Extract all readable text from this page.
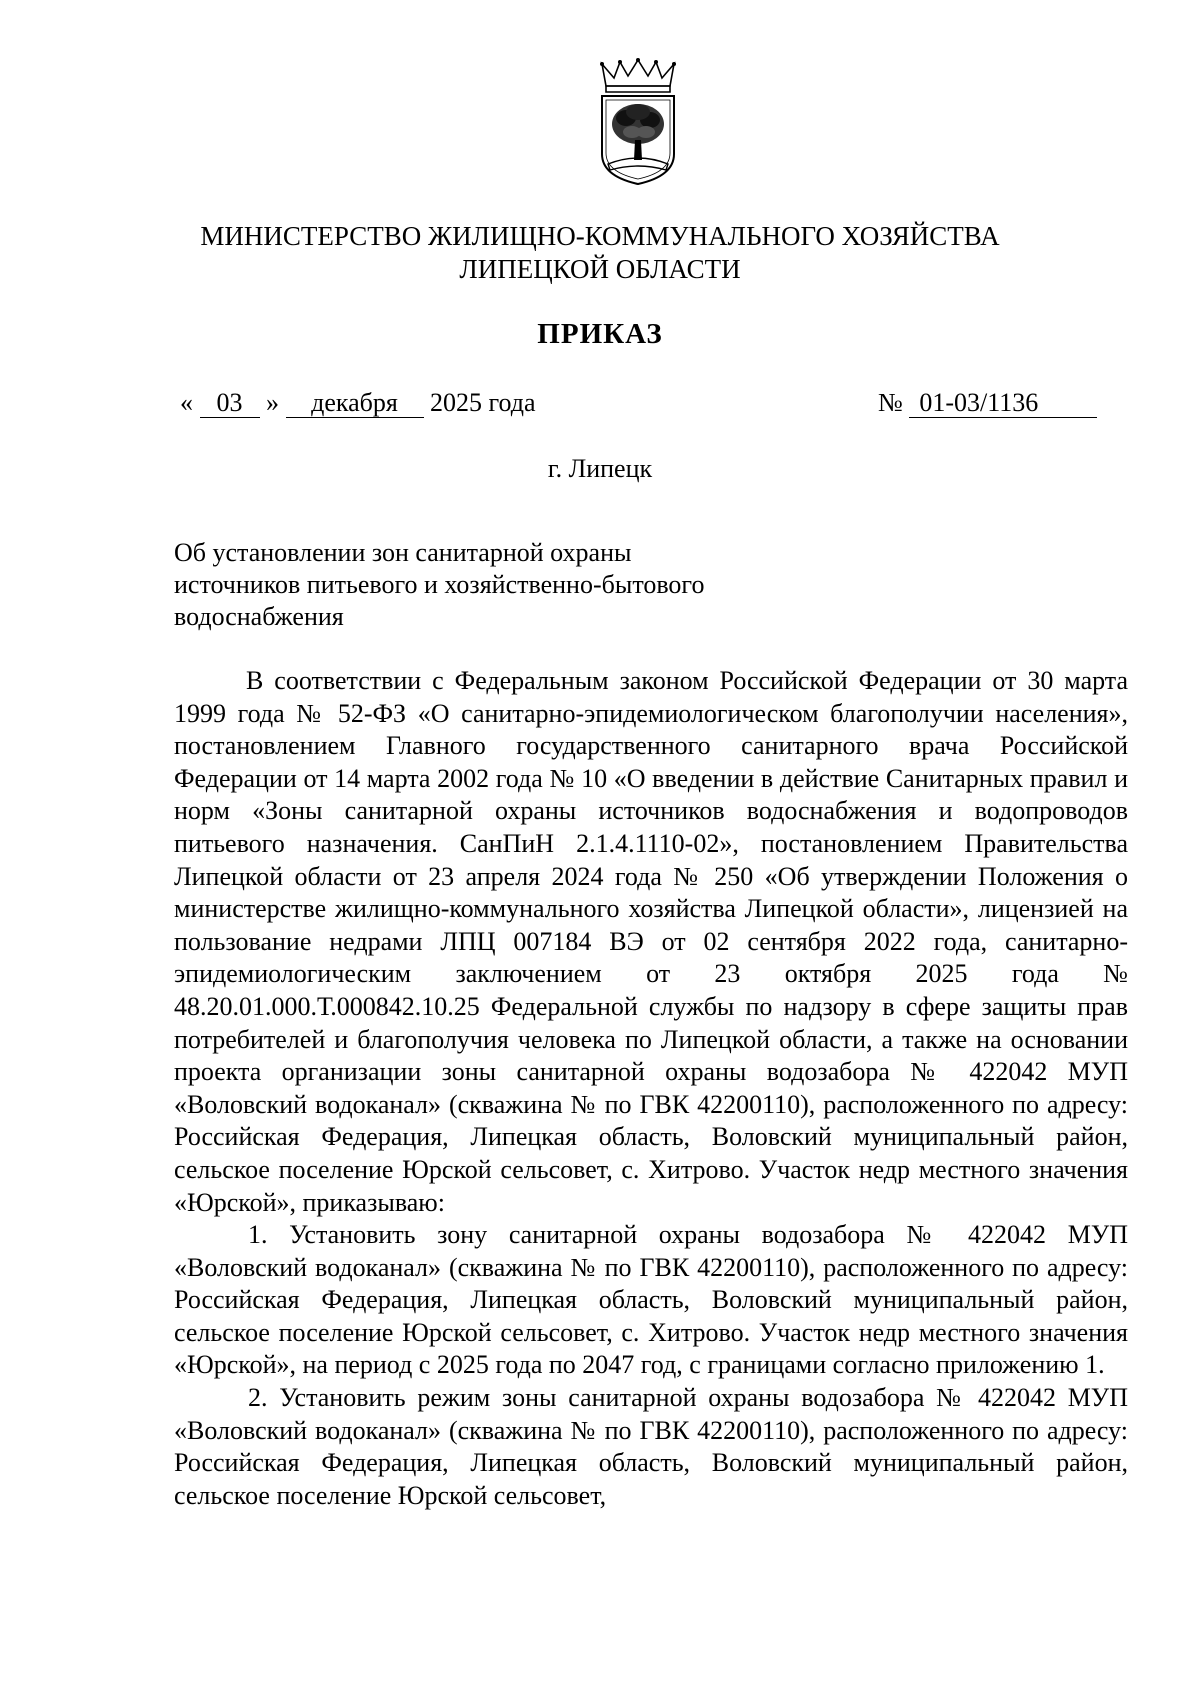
МИНИСТЕРСТВО ЖИЛИЩНО-КОММУНАЛЬНОГО ХОЗЯЙСТВА
ЛИПЕЦКОЙ ОБЛАСТИ
ПРИКАЗ
« 03 » декабря 2025 года	№ 01-03/1136
г. Липецк
Об установлении зон санитарной охраны
источников питьевого и хозяйственно-бытового
водоснабжения

В соответствии с Федеральным законом Российской Федерации от 30 марта 1999 года № 52-ФЗ «О санитарно-эпидемиологическом благополучии населения», постановлением Главного государственного санитарного врача Российской Федерации от 14 марта 2002 года № 10 «О введении в действие Санитарных правил и норм «Зоны санитарной охраны источников водоснабжения и водопроводов питьевого назначения. СанПиН 2.1.4.1110-02», постановлением Правительства Липецкой области от 23 апреля 2024 года № 250 «Об утверждении Положения о министерстве жилищно-коммунального хозяйства Липецкой области», лицензией на пользование недрами ЛПЦ 007184 ВЭ от 02 сентября 2022 года, санитарно-эпидемиологическим заключением от 23 октября 2025 года № 48.20.01.000.Т.000842.10.25 Федеральной службы по надзору в сфере защиты прав потребителей и благополучия человека по Липецкой области, а также на основании проекта организации зоны санитарной охраны водозабора № 422042 МУП «Воловский водоканал» (скважина № по ГВК 42200110), расположенного по адресу: Российская Федерация, Липецкая область, Воловский муниципальный район, сельское поселение Юрской сельсовет, с. Хитрово. Участок недр местного значения «Юрской», приказываю:

1. Установить зону санитарной охраны водозабора № 422042 МУП «Воловский водоканал» (скважина № по ГВК 42200110), расположенного по адресу: Российская Федерация, Липецкая область, Воловский муниципальный район, сельское поселение Юрской сельсовет, с. Хитрово. Участок недр местного значения «Юрской», на период с 2025 года по 2047 год, с границами согласно приложению 1.

2. Установить режим зоны санитарной охраны водозабора № 422042 МУП «Воловский водоканал» (скважина № по ГВК 42200110), расположенного по адресу: Российская Федерация, Липецкая область, Воловский муниципальный район, сельское поселение Юрской сельсовет,
